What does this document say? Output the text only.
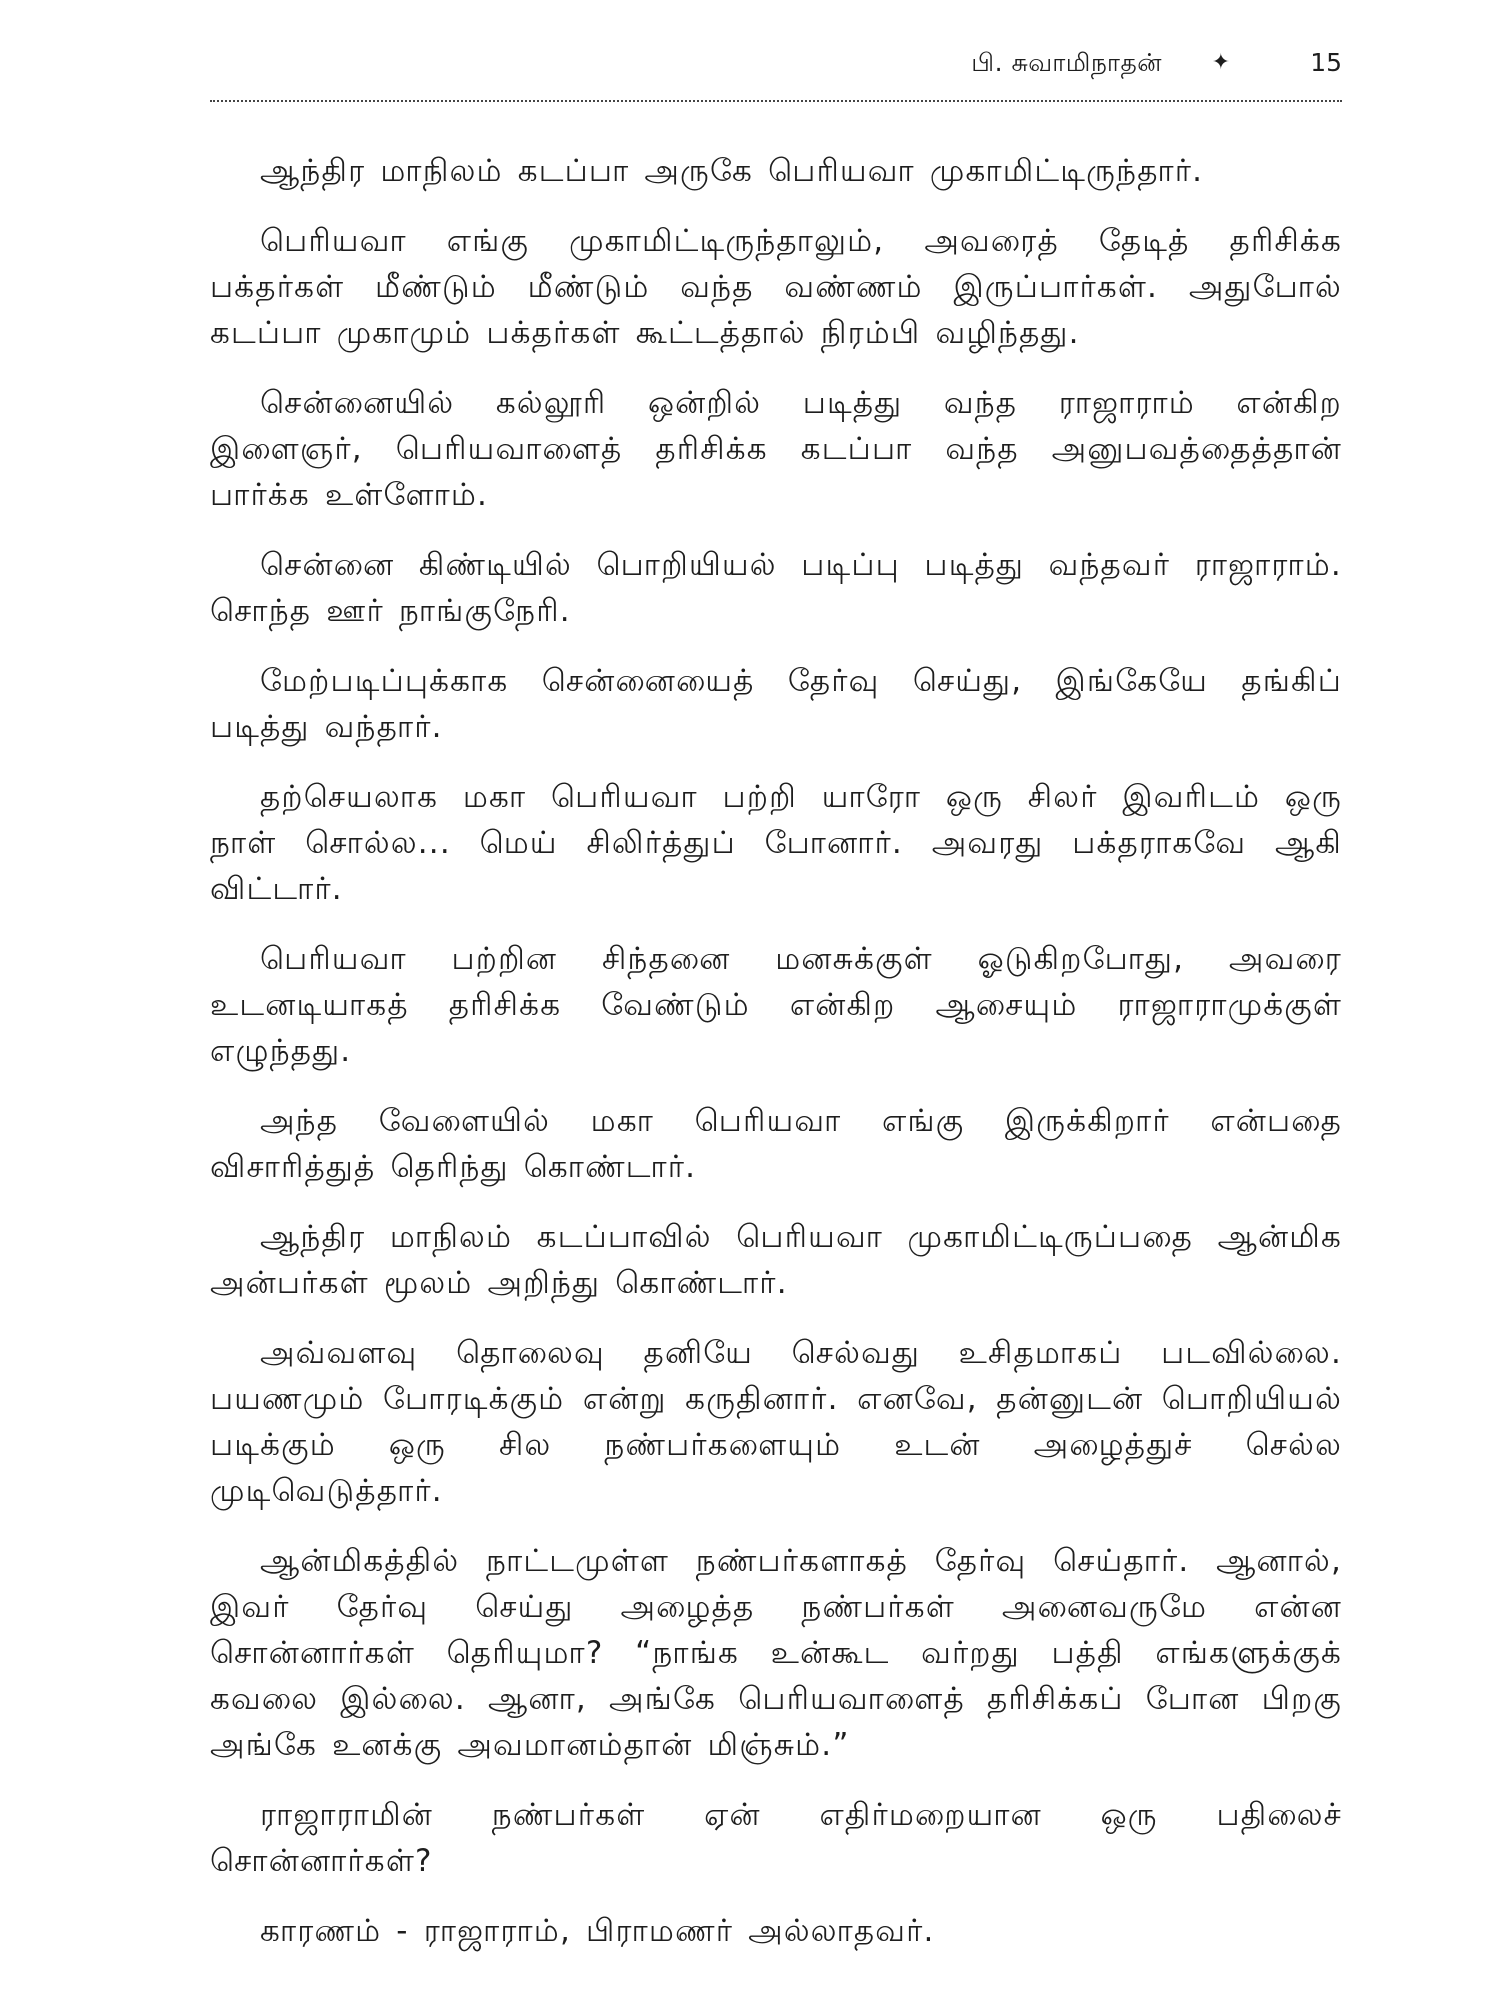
பி. சுவாமிநாதன் ✦	15

ஆந்திர மாநிலம் கடப்பா அருகே பெரியவா முகாமிட்டிருந்தார்.

பெரியவா எங்கு முகாமிட்டிருந்தாலும், அவரைத் தேடித் தரிசிக்க பக்தர்கள் மீண்டும் மீண்டும் வந்த வண்ணம் இருப்பார்கள். அதுபோல் கடப்பா முகாமும் பக்தர்கள் கூட்டத்தால் நிரம்பி வழிந்தது.

சென்னையில் கல்லூரி ஒன்றில் படித்து வந்த ராஜாராம் என்கிற இளைஞர், பெரியவாளைத் தரிசிக்க கடப்பா வந்த அனுபவத்தைத்தான் பார்க்க உள்ளோம்.

சென்னை கிண்டியில் பொறியியல் படிப்பு படித்து வந்தவர் ராஜாராம். சொந்த ஊர் நாங்குநேரி.

மேற்படிப்புக்காக சென்னையைத் தேர்வு செய்து, இங்கேயே தங்கிப் படித்து வந்தார்.

தற்செயலாக மகா பெரியவா பற்றி யாரோ ஒரு சிலர் இவரிடம் ஒரு நாள் சொல்ல... மெய் சிலிர்த்துப் போனார். அவரது பக்தராகவே ஆகி விட்டார்.

பெரியவா பற்றின சிந்தனை மனசுக்குள் ஓடுகிறபோது, அவரை உடனடியாகத் தரிசிக்க வேண்டும் என்கிற ஆசையும் ராஜாராமுக்குள் எழுந்தது.

அந்த வேளையில் மகா பெரியவா எங்கு இருக்கிறார் என்பதை விசாரித்துத் தெரிந்து கொண்டார்.

ஆந்திர மாநிலம் கடப்பாவில் பெரியவா முகாமிட்டிருப்பதை ஆன்மிக அன்பர்கள் மூலம் அறிந்து கொண்டார்.

அவ்வளவு தொலைவு தனியே செல்வது உசிதமாகப் படவில்லை. பயணமும் போரடிக்கும் என்று கருதினார். எனவே, தன்னுடன் பொறியியல் படிக்கும் ஒரு சில நண்பர்களையும் உடன் அழைத்துச் செல்ல முடிவெடுத்தார்.

ஆன்மிகத்தில் நாட்டமுள்ள நண்பர்களாகத் தேர்வு செய்தார். ஆனால், இவர் தேர்வு செய்து அழைத்த நண்பர்கள் அனைவருமே என்ன சொன்னார்கள் தெரியுமா? “நாங்க உன்கூட வர்றது பத்தி எங்களுக்குக் கவலை இல்லை. ஆனா, அங்கே பெரியவாளைத் தரிசிக்கப் போன பிறகு அங்கே உனக்கு அவமானம்தான் மிஞ்சும்.”

ராஜாராமின் நண்பர்கள் ஏன் எதிர்மறையான ஒரு பதிலைச் சொன்னார்கள்?

காரணம் - ராஜாராம், பிராமணர் அல்லாதவர்.
